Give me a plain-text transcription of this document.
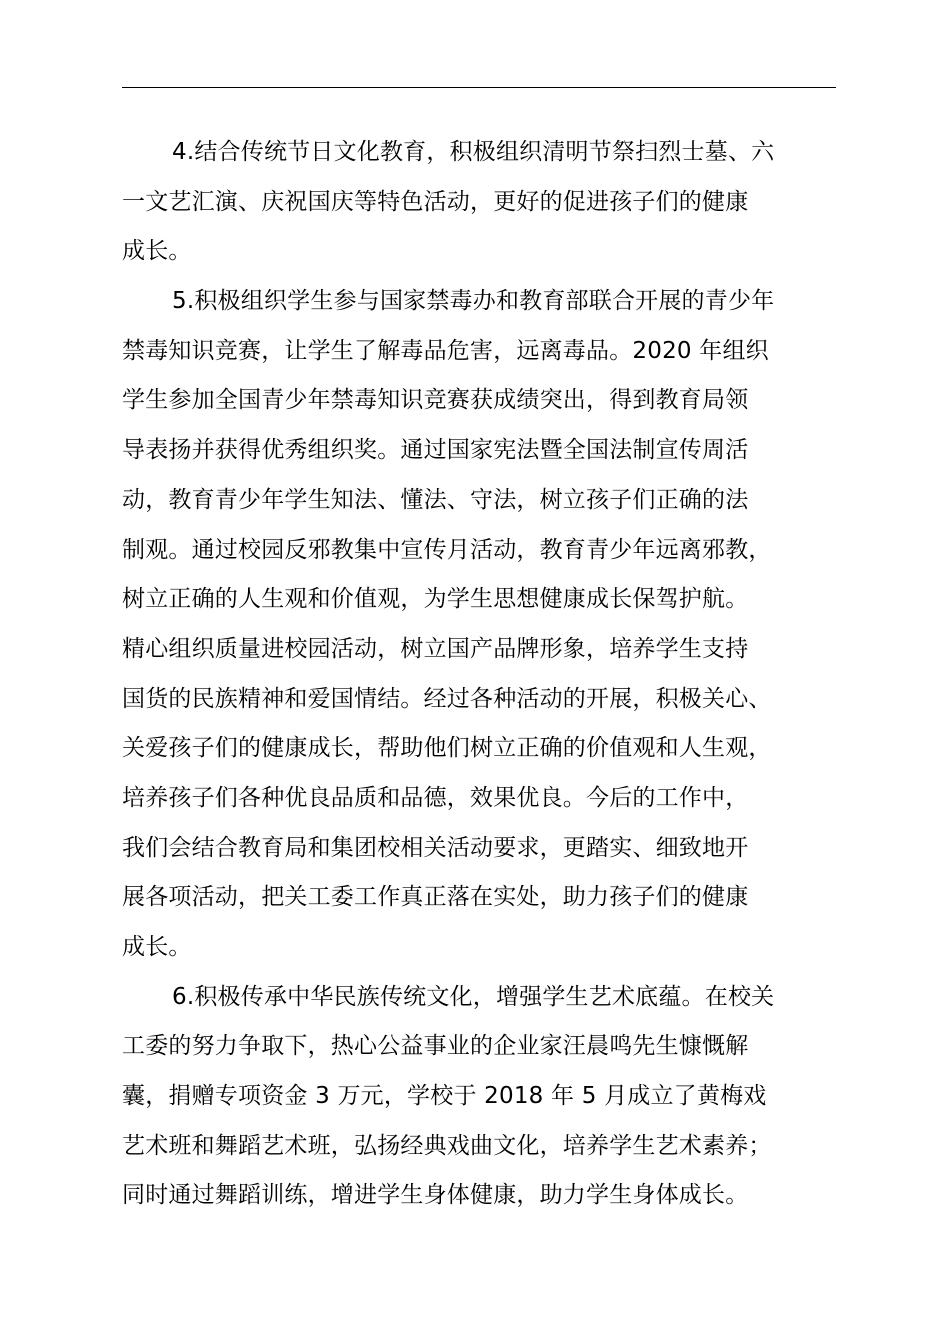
4.结合传统节日文化教育，积极组织清明节祭扫烈士墓、六
一文艺汇演、庆祝国庆等特色活动，更好的促进孩子们的健康
成长。
5.积极组织学生参与国家禁毒办和教育部联合开展的青少年
禁毒知识竞赛，让学生了解毒品危害，远离毒品。2020 年组织
学生参加全国青少年禁毒知识竞赛获成绩突出，得到教育局领
导表扬并获得优秀组织奖。通过国家宪法暨全国法制宣传周活
动，教育青少年学生知法、懂法、守法，树立孩子们正确的法
制观。通过校园反邪教集中宣传月活动，教育青少年远离邪教，
树立正确的人生观和价值观，为学生思想健康成长保驾护航。
精心组织质量进校园活动，树立国产品牌形象，培养学生支持
国货的民族精神和爱国情结。经过各种活动的开展，积极关心、
关爱孩子们的健康成长，帮助他们树立正确的价值观和人生观，
培养孩子们各种优良品质和品德，效果优良。今后的工作中，
我们会结合教育局和集团校相关活动要求，更踏实、细致地开
展各项活动，把关工委工作真正落在实处，助力孩子们的健康
成长。
6.积极传承中华民族传统文化，增强学生艺术底蕴。在校关
工委的努力争取下，热心公益事业的企业家汪晨鸣先生慷慨解
囊，捐赠专项资金 3 万元，学校于 2018 年 5 月成立了黄梅戏
艺术班和舞蹈艺术班，弘扬经典戏曲文化，培养学生艺术素养；
同时通过舞蹈训练，增进学生身体健康，助力学生身体成长。
